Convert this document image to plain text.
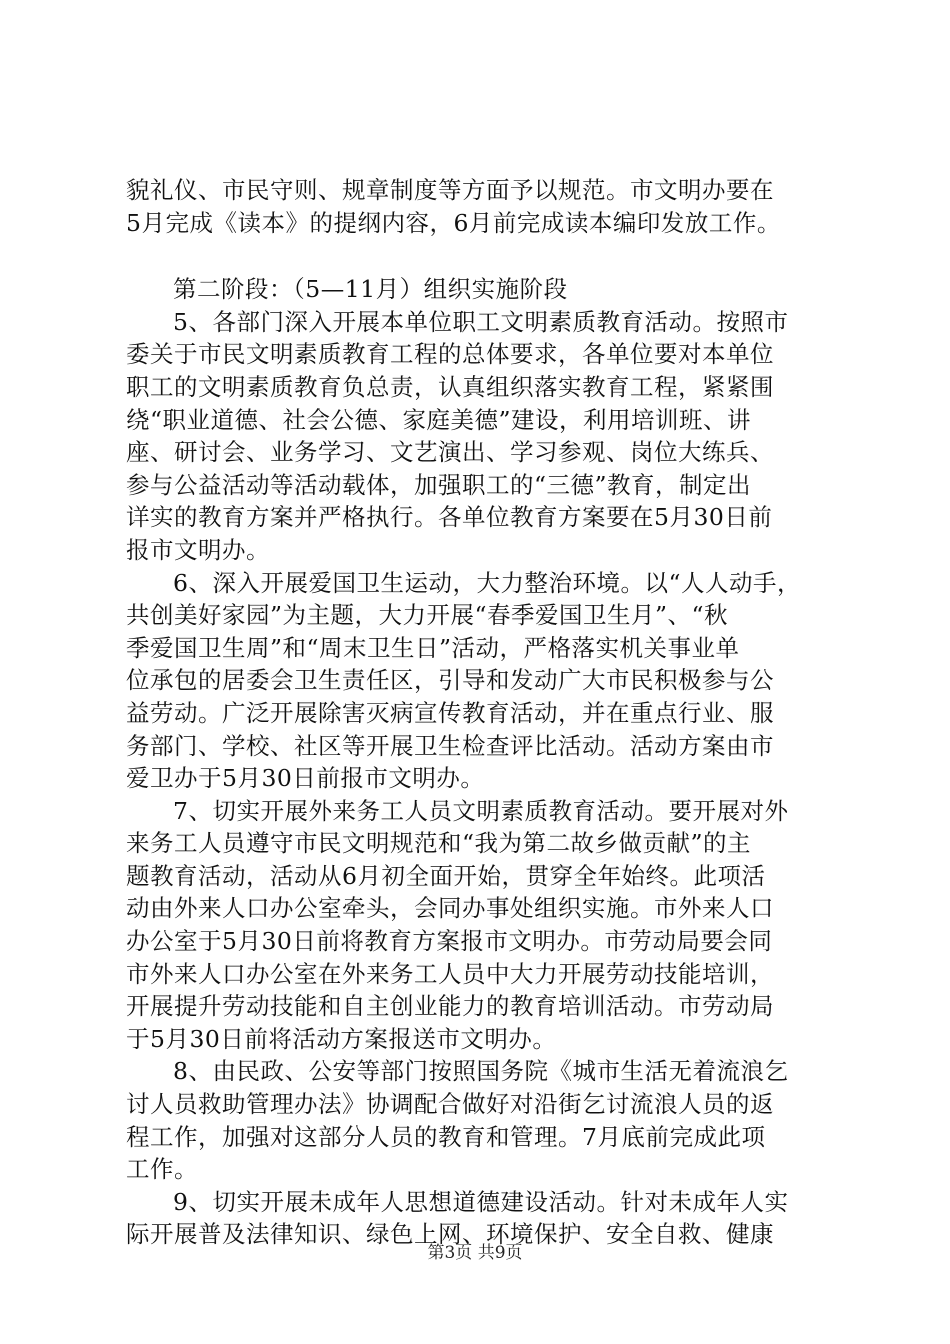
貌礼仪、市民守则、规章制度等方面予以规范。市文明办要在
5月完成《读本》的提纲内容，6月前完成读本编印发放工作。
第二阶段：（5—11月）组织实施阶段
5、各部门深入开展本单位职工文明素质教育活动。按照市
委关于市民文明素质教育工程的总体要求，各单位要对本单位
职工的文明素质教育负总责，认真组织落实教育工程，紧紧围
绕“职业道德、社会公德、家庭美德”建设，利用培训班、讲
座、研讨会、业务学习、文艺演出、学习参观、岗位大练兵、
参与公益活动等活动载体，加强职工的“三德”教育，制定出
详实的教育方案并严格执行。各单位教育方案要在5月30日前
报市文明办。
6、深入开展爱国卫生运动，大力整治环境。以“人人动手，
共创美好家园”为主题，大力开展“春季爱国卫生月”、“秋
季爱国卫生周”和“周末卫生日”活动，严格落实机关事业单
位承包的居委会卫生责任区，引导和发动广大市民积极参与公
益劳动。广泛开展除害灭病宣传教育活动，并在重点行业、服
务部门、学校、社区等开展卫生检查评比活动。活动方案由市
爱卫办于5月30日前报市文明办。
7、切实开展外来务工人员文明素质教育活动。要开展对外
来务工人员遵守市民文明规范和“我为第二故乡做贡献”的主
题教育活动，活动从6月初全面开始，贯穿全年始终。此项活
动由外来人口办公室牵头，会同办事处组织实施。市外来人口
办公室于5月30日前将教育方案报市文明办。市劳动局要会同
市外来人口办公室在外来务工人员中大力开展劳动技能培训，
开展提升劳动技能和自主创业能力的教育培训活动。市劳动局
于5月30日前将活动方案报送市文明办。
8、由民政、公安等部门按照国务院《城市生活无着流浪乞
讨人员救助管理办法》协调配合做好对沿街乞讨流浪人员的返
程工作，加强对这部分人员的教育和管理。7月底前完成此项
工作。
9、切实开展未成年人思想道德建设活动。针对未成年人实
际开展普及法律知识、绿色上网、环境保护、安全自救、健康
第3页 共9页
